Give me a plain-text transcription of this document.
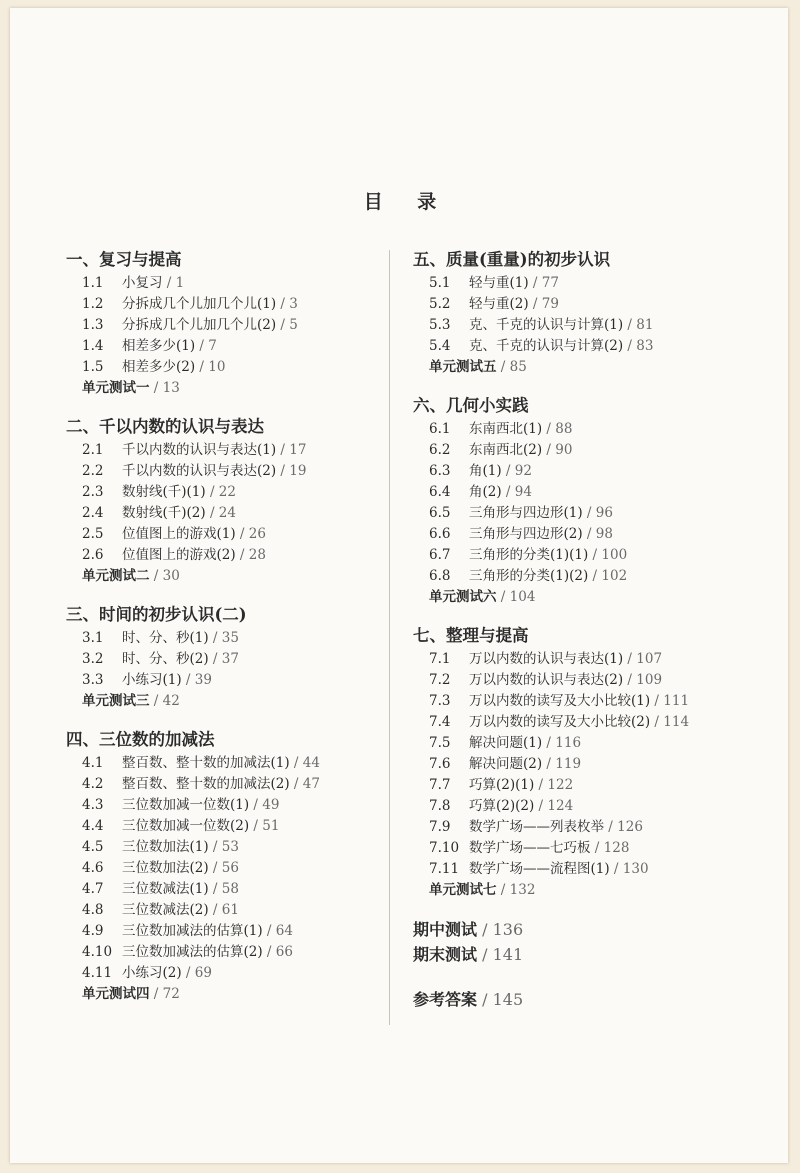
目 录
一、复习与提高
1.1 小复习 / 1
1.2 分拆成几个儿加几个儿(1) / 3
1.3 分拆成几个儿加几个儿(2) / 5
1.4 相差多少(1) / 7
1.5 相差多少(2) / 10
单元测试一 / 13
二、千以内数的认识与表达
2.1 千以内数的认识与表达(1) / 17
2.2 千以内数的认识与表达(2) / 19
2.3 数射线(千)(1) / 22
2.4 数射线(千)(2) / 24
2.5 位值图上的游戏(1) / 26
2.6 位值图上的游戏(2) / 28
单元测试二 / 30
三、时间的初步认识(二)
3.1 时、分、秒(1) / 35
3.2 时、分、秒(2) / 37
3.3 小练习(1) / 39
单元测试三 / 42
四、三位数的加减法
4.1 整百数、整十数的加减法(1) / 44
4.2 整百数、整十数的加减法(2) / 47
4.3 三位数加减一位数(1) / 49
4.4 三位数加减一位数(2) / 51
4.5 三位数加法(1) / 53
4.6 三位数加法(2) / 56
4.7 三位数减法(1) / 58
4.8 三位数减法(2) / 61
4.9 三位数加减法的估算(1) / 64
4.10 三位数加减法的估算(2) / 66
4.11 小练习(2) / 69
单元测试四 / 72
五、质量(重量)的初步认识
5.1 轻与重(1) / 77
5.2 轻与重(2) / 79
5.3 克、千克的认识与计算(1) / 81
5.4 克、千克的认识与计算(2) / 83
单元测试五 / 85
六、几何小实践
6.1 东南西北(1) / 88
6.2 东南西北(2) / 90
6.3 角(1) / 92
6.4 角(2) / 94
6.5 三角形与四边形(1) / 96
6.6 三角形与四边形(2) / 98
6.7 三角形的分类(1)(1) / 100
6.8 三角形的分类(1)(2) / 102
单元测试六 / 104
七、整理与提高
7.1 万以内数的认识与表达(1) / 107
7.2 万以内数的认识与表达(2) / 109
7.3 万以内数的读写及大小比较(1) / 111
7.4 万以内数的读写及大小比较(2) / 114
7.5 解决问题(1) / 116
7.6 解决问题(2) / 119
7.7 巧算(2)(1) / 122
7.8 巧算(2)(2) / 124
7.9 数学广场——列表枚举 / 126
7.10 数学广场——七巧板 / 128
7.11 数学广场——流程图(1) / 130
单元测试七 / 132
期中测试 / 136
期末测试 / 141
参考答案 / 145
